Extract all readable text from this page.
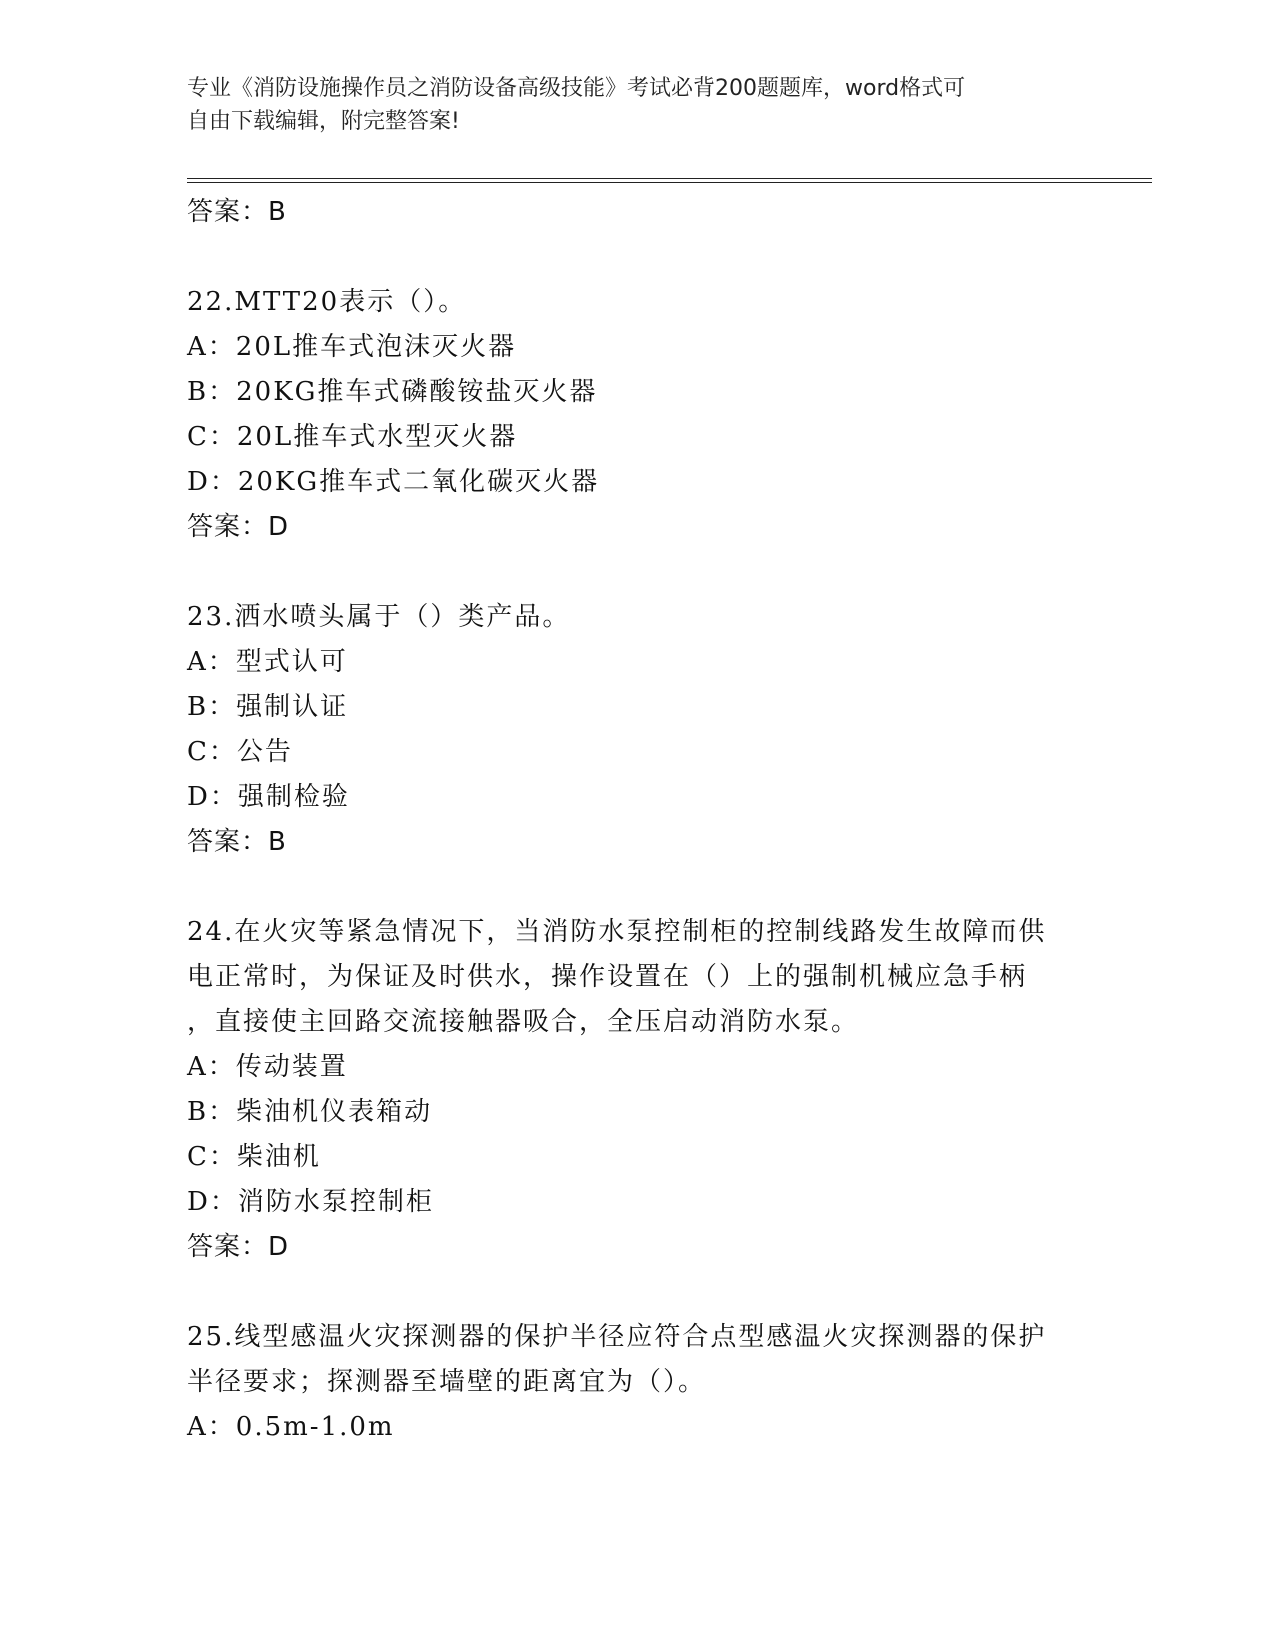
专业《消防设施操作员之消防设备高级技能》考试必背200题题库，word格式可
自由下载编辑，附完整答案!
答案：B
22.MTT20表示（）。
A：20L推车式泡沫灭火器
B：20KG推车式磷酸铵盐灭火器
C：20L推车式水型灭火器
D：20KG推车式二氧化碳灭火器
答案：D
23.洒水喷头属于（）类产品。
A：型式认可
B：强制认证
C：公告
D：强制检验
答案：B
24.在火灾等紧急情况下，当消防水泵控制柜的控制线路发生故障而供
电正常时，为保证及时供水，操作设置在（）上的强制机械应急手柄
，直接使主回路交流接触器吸合，全压启动消防水泵。
A：传动装置
B：柴油机仪表箱动
C：柴油机
D：消防水泵控制柜
答案：D
25.线型感温火灾探测器的保护半径应符合点型感温火灾探测器的保护
半径要求；探测器至墙壁的距离宜为（）。
A：0.5m-1.0m
